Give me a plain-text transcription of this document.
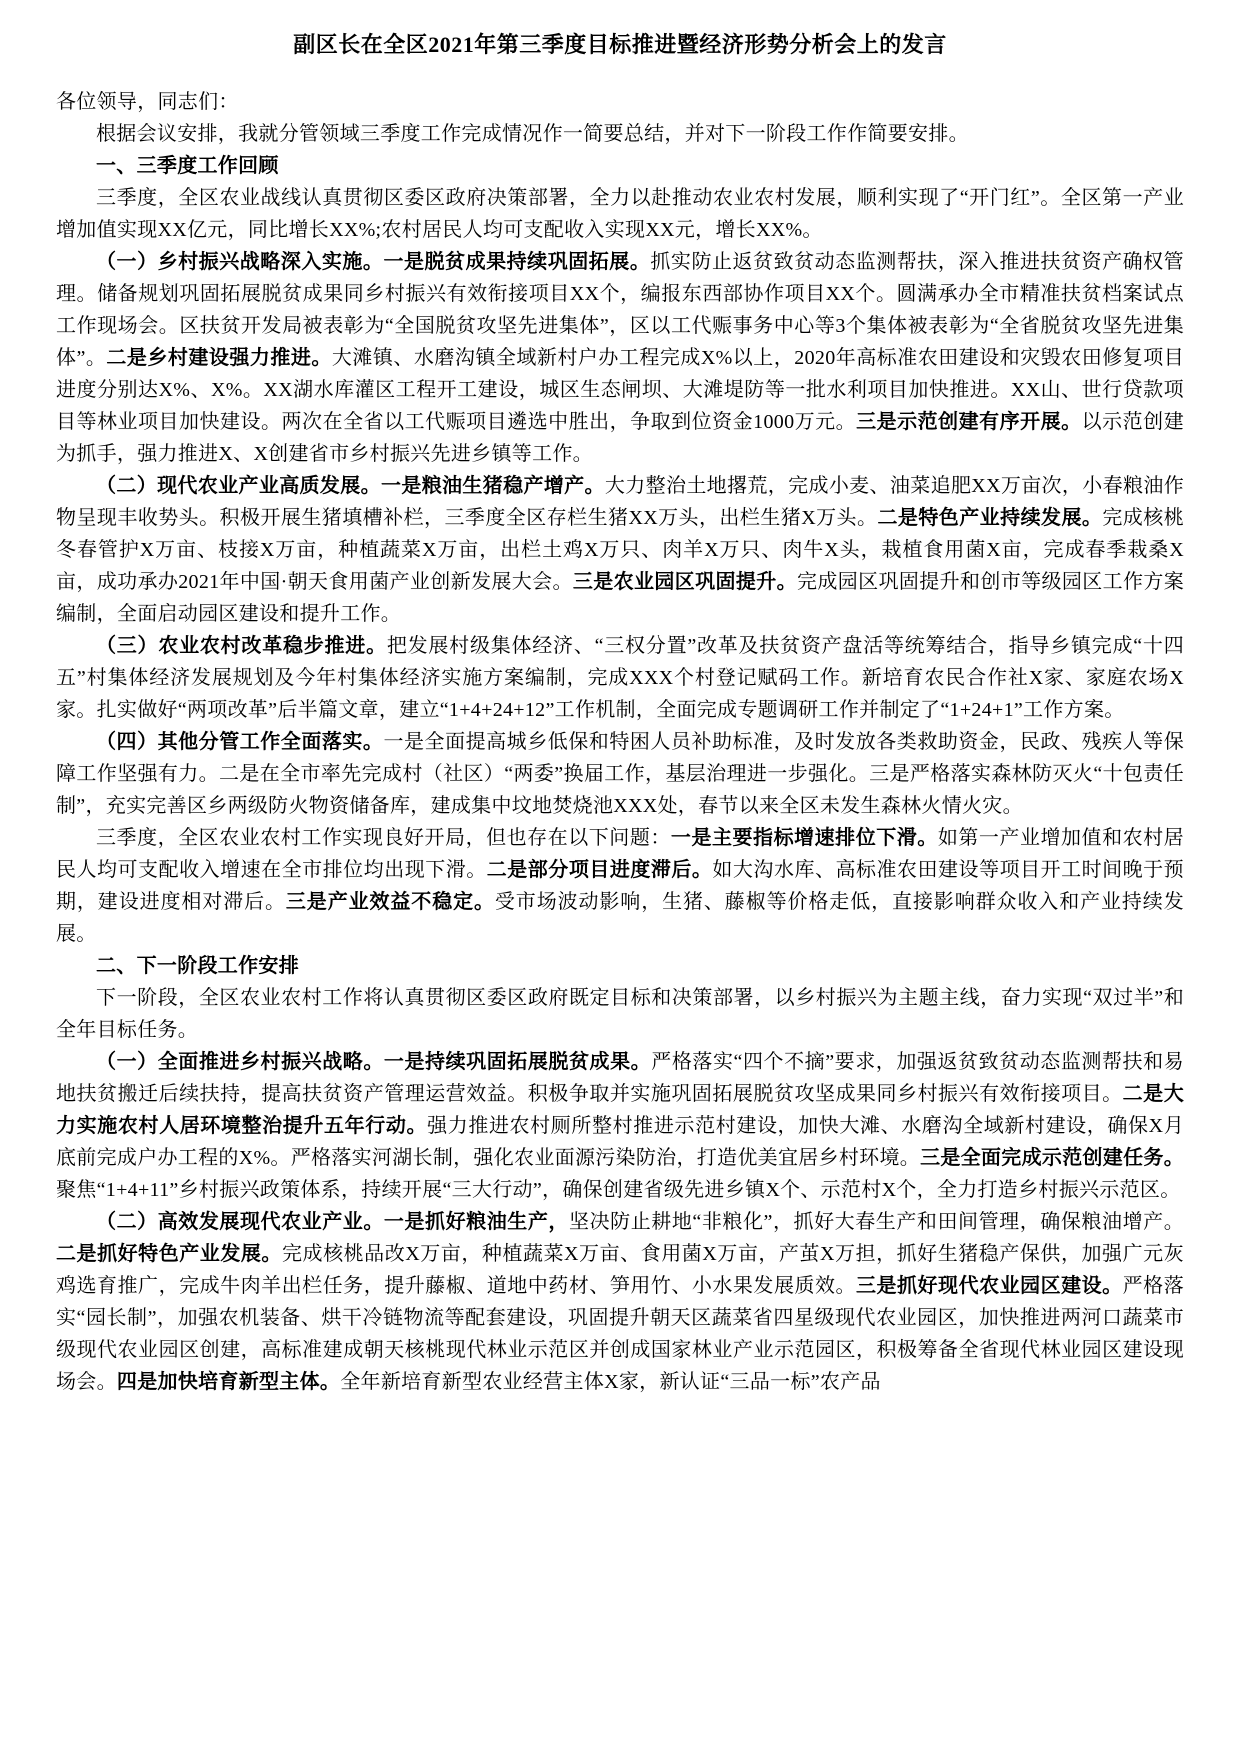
副区长在全区2021年第三季度目标推进暨经济形势分析会上的发言

各位领导，同志们：

根据会议安排，我就分管领域三季度工作完成情况作一简要总结，并对下一阶段工作作简要安排。

一、三季度工作回顾

三季度，全区农业战线认真贯彻区委区政府决策部署，全力以赴推动农业农村发展，顺利实现了“开门红”。全区第一产业增加值实现XX亿元，同比增长XX%;农村居民人均可支配收入实现XX元，增长XX%。

（一）乡村振兴战略深入实施。一是脱贫成果持续巩固拓展。抓实防止返贫致贫动态监测帮扶，深入推进扶贫资产确权管理。储备规划巩固拓展脱贫成果同乡村振兴有效衔接项目XX个，编报东西部协作项目XX个。圆满承办全市精准扶贫档案试点工作现场会。区扶贫开发局被表彰为“全国脱贫攻坚先进集体”，区以工代赈事务中心等3个集体被表彰为“全省脱贫攻坚先进集体”。二是乡村建设强力推进。大滩镇、水磨沟镇全域新村户办工程完成X%以上，2020年高标准农田建设和灾毁农田修复项目进度分别达X%、X%。XX湖水库灌区工程开工建设，城区生态闸坝、大滩堤防等一批水利项目加快推进。XX山、世行贷款项目等林业项目加快建设。两次在全省以工代赈项目遴选中胜出，争取到位资金1000万元。三是示范创建有序开展。以示范创建为抓手，强力推进X、X创建省市乡村振兴先进乡镇等工作。

（二）现代农业产业高质发展。一是粮油生猪稳产增产。大力整治土地撂荒，完成小麦、油菜追肥XX万亩次，小春粮油作物呈现丰收势头。积极开展生猪填槽补栏，三季度全区存栏生猪XX万头，出栏生猪X万头。二是特色产业持续发展。完成核桃冬春管护X万亩、枝接X万亩，种植蔬菜X万亩，出栏土鸡X万只、肉羊X万只、肉牛X头，栽植食用菌X亩，完成春季栽桑X亩，成功承办2021年中国·朝天食用菌产业创新发展大会。三是农业园区巩固提升。完成园区巩固提升和创市等级园区工作方案编制，全面启动园区建设和提升工作。

（三）农业农村改革稳步推进。把发展村级集体经济、“三权分置”改革及扶贫资产盘活等统筹结合，指导乡镇完成“十四五”村集体经济发展规划及今年村集体经济实施方案编制，完成XXX个村登记赋码工作。新培育农民合作社X家、家庭农场X家。扎实做好“两项改革”后半篇文章，建立“1+4+24+12”工作机制，全面完成专题调研工作并制定了“1+24+1”工作方案。

（四）其他分管工作全面落实。一是全面提高城乡低保和特困人员补助标准，及时发放各类救助资金，民政、残疾人等保障工作坚强有力。二是在全市率先完成村（社区）“两委”换届工作，基层治理进一步强化。三是严格落实森林防灭火“十包责任制”，充实完善区乡两级防火物资储备库，建成集中坟地焚烧池XXX处，春节以来全区未发生森林火情火灾。

三季度，全区农业农村工作实现良好开局，但也存在以下问题：一是主要指标增速排位下滑。如第一产业增加值和农村居民人均可支配收入增速在全市排位均出现下滑。二是部分项目进度滞后。如大沟水库、高标准农田建设等项目开工时间晚于预期，建设进度相对滞后。三是产业效益不稳定。受市场波动影响，生猪、藤椒等价格走低，直接影响群众收入和产业持续发展。

二、下一阶段工作安排

下一阶段，全区农业农村工作将认真贯彻区委区政府既定目标和决策部署，以乡村振兴为主题主线，奋力实现“双过半”和全年目标任务。

（一）全面推进乡村振兴战略。一是持续巩固拓展脱贫成果。严格落实“四个不摘”要求，加强返贫致贫动态监测帮扶和易地扶贫搬迁后续扶持，提高扶贫资产管理运营效益。积极争取并实施巩固拓展脱贫攻坚成果同乡村振兴有效衔接项目。二是大力实施农村人居环境整治提升五年行动。强力推进农村厕所整村推进示范村建设，加快大滩、水磨沟全域新村建设，确保X月底前完成户办工程的X%。严格落实河湖长制，强化农业面源污染防治，打造优美宜居乡村环境。三是全面完成示范创建任务。聚焦“1+4+11”乡村振兴政策体系，持续开展“三大行动”，确保创建省级先进乡镇X个、示范村X个，全力打造乡村振兴示范区。

（二）高效发展现代农业产业。一是抓好粮油生产，坚决防止耕地“非粮化”，抓好大春生产和田间管理，确保粮油增产。二是抓好特色产业发展。完成核桃品改X万亩，种植蔬菜X万亩、食用菌X万亩，产茧X万担，抓好生猪稳产保供，加强广元灰鸡选育推广，完成牛肉羊出栏任务，提升藤椒、道地中药材、笋用竹、小水果发展质效。三是抓好现代农业园区建设。严格落实“园长制”，加强农机装备、烘干冷链物流等配套建设，巩固提升朝天区蔬菜省四星级现代农业园区，加快推进两河口蔬菜市级现代农业园区创建，高标准建成朝天核桃现代林业示范区并创成国家林业产业示范园区，积极筹备全省现代林业园区建设现场会。四是加快培育新型主体。全年新培育新型农业经营主体X家，新认证“三品一标”农产品
